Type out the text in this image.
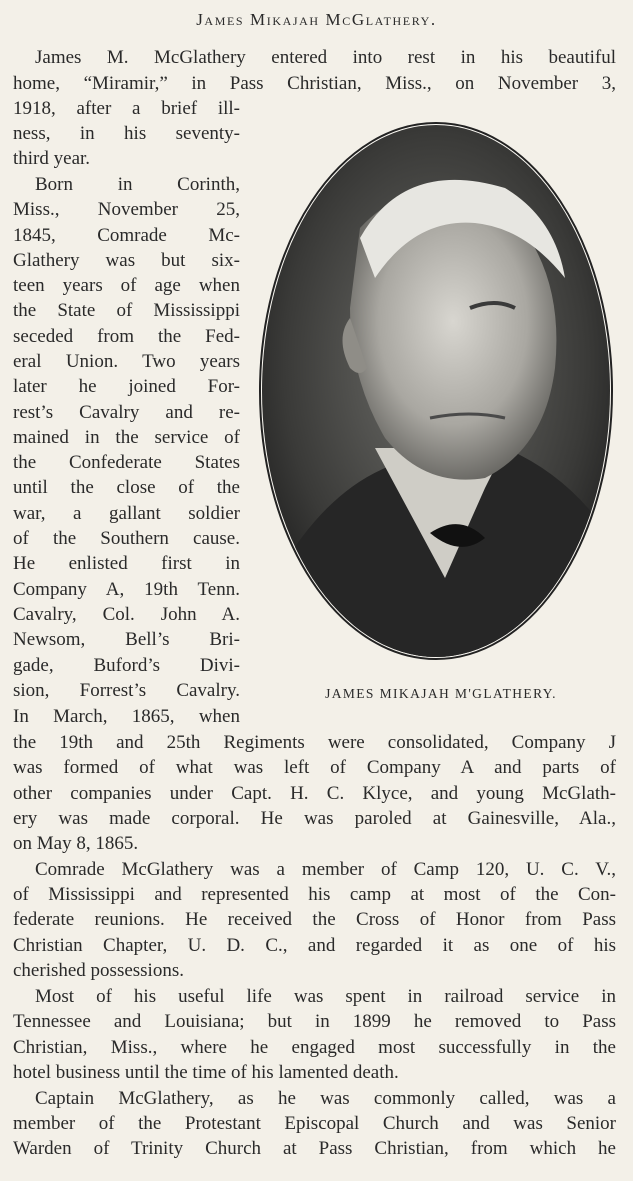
James Mikajah McGlathery.
James M. McGlathery entered into rest in his beautiful
home, “Miramir,” in Pass Christian, Miss., on November 3,
1918, after a brief ill-
ness, in his seventy-
third year.
Born in Corinth,
Miss., November 25,
1845, Comrade Mc-
Glathery was but six-
teen years of age when
the State of Mississippi
seceded from the Fed-
eral Union. Two years
later he joined For-
rest’s Cavalry and re-
mained in the service of
the Confederate States
until the close of the
war, a gallant soldier
of the Southern cause.
He enlisted first in
Company A, 19th Tenn.
Cavalry, Col. John A.
Newsom, Bell’s Bri-
gade, Buford’s Divi-
sion, Forrest’s Cavalry.
In March, 1865, when
the 19th and 25th Regiments were consolidated, Company J
was formed of what was left of Company A and parts of
other companies under Capt. H. C. Klyce, and young McGlath-
ery was made corporal. He was paroled at Gainesville, Ala.,
on May 8, 1865.
Comrade McGlathery was a member of Camp 120, U. C. V.,
of Mississippi and represented his camp at most of the Con-
federate reunions. He received the Cross of Honor from Pass
Christian Chapter, U. D. C., and regarded it as one of his
cherished possessions.
Most of his useful life was spent in railroad service in
Tennessee and Louisiana; but in 1899 he removed to Pass
Christian, Miss., where he engaged most successfully in the
hotel business until the time of his lamented death.
Captain McGlathery, as he was commonly called, was a
member of the Protestant Episcopal Church and was Senior
Warden of Trinity Church at Pass Christian, from which he
JAMES MIKAJAH M'GLATHERY.
